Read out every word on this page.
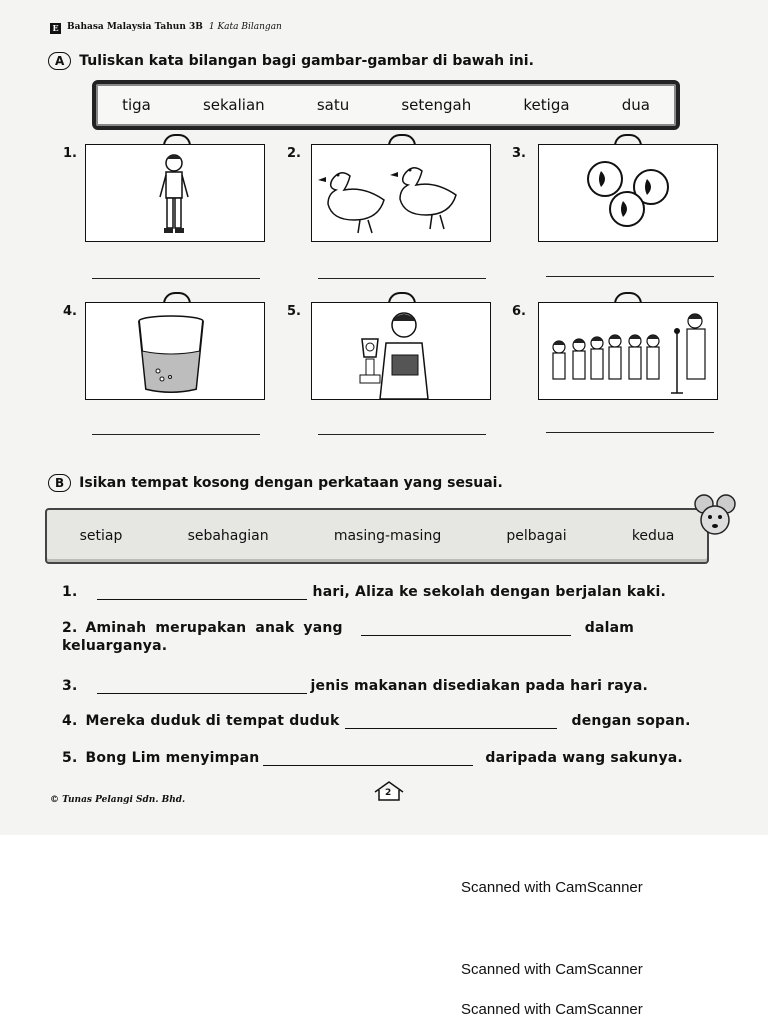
E Bahasa Malaysia Tahun 3B 1 Kata Bilangan
A Tuliskan kata bilangan bagi gambar-gambar di bawah ini.
tiga	sekalian	satu	setengah	ketiga	dua
1.	2.	3.
4.	5.	6.
B Isikan tempat kosong dengan perkataan yang sesuai.
setiap	sebahagian	masing-masing	pelbagai	kedua
1.	hari, Aliza ke sekolah dengan berjalan kaki.
2. Aminah merupakan anak yang	dalam
keluarganya.
3.	jenis makanan disediakan pada hari raya.
4. Mereka duduk di tempat duduk	dengan sopan.
5. Bong Lim menyimpan	daripada wang sakunya.
© Tunas Pelangi Sdn. Bhd.
2
Scanned with CamScanner
Scanned with CamScanner
Scanned with CamScanner
